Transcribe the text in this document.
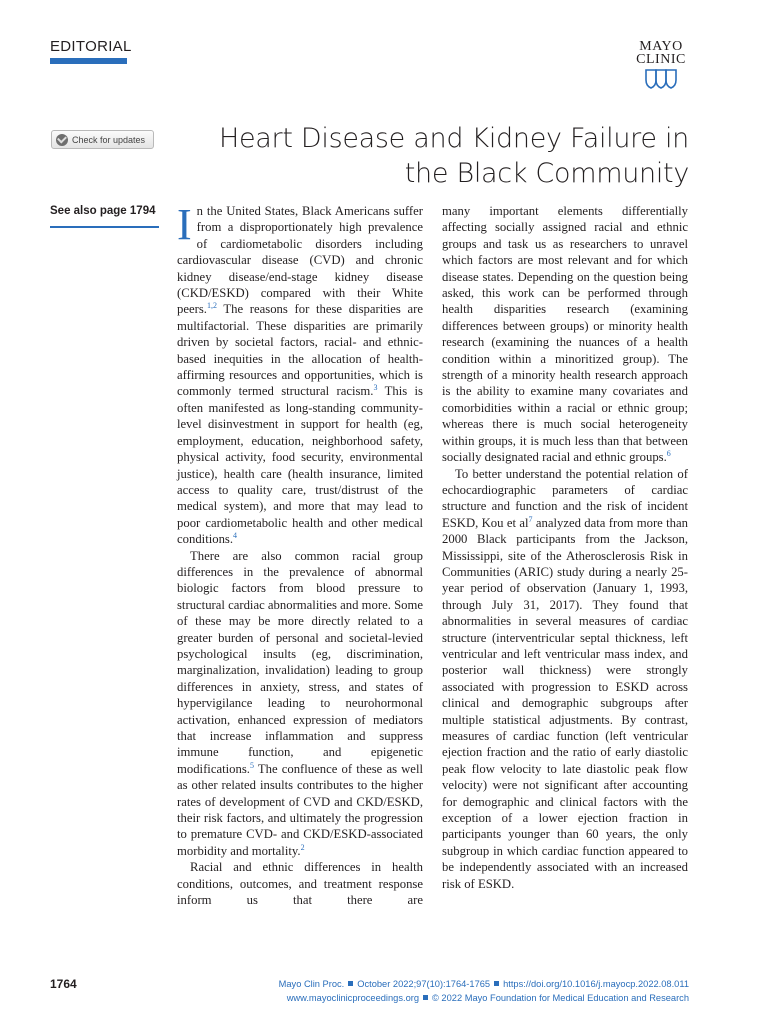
EDITORIAL	MAYO
CLINIC
Check for updates	Heart Disease and Kidney Failure in the Black Community
See also page 1794 In the United States, Black Americans suffer from a disproportionately high prevalence of cardiometabolic disorders including cardiovascular disease (CVD) and chronic kidney disease/end-stage kidney disease (CKD/ESKD) compared with their White peers.$^{1,2}$ The reasons for these disparities are multifactorial. These disparities are primarily driven by societal factors, racial- and ethnic-based inequities in the allocation of health-affirming resources and opportunities, which is commonly termed structural racism.$^3$ This is often manifested as long-standing community-level disinvestment in support for health (eg, employment, education, neighborhood safety, physical activity, food security, environmental justice), health care (health insurance, limited access to quality care, trust/distrust of the medical system), and more that may lead to poor cardiometabolic health and other medical conditions.$^4$

There are also common racial group differences in the prevalence of abnormal biologic factors from blood pressure to structural cardiac abnormalities and more. Some of these may be more directly related to a greater burden of personal and societal-levied psychological insults (eg, discrimination, marginalization, invalidation) leading to group differences in anxiety, stress, and states of hypervigilance leading to neurohormonal activation, enhanced expression of mediators that increase inflammation and suppress immune function, and epigenetic modifications.$^5$ The confluence of these as well as other related insults contributes to the higher rates of development of CVD and CKD/ESKD, their risk factors, and ultimately the progression to premature CVD- and CKD/ESKD-associated morbidity and mortality.$^2$

Racial and ethnic differences in health conditions, outcomes, and treatment response inform us that there are

many important elements differentially affecting socially assigned racial and ethnic groups and task us as researchers to unravel which factors are most relevant and for which disease states. Depending on the question being asked, this work can be performed through health disparities research (examining differences between groups) or minority health research (examining the nuances of a health condition within a minoritized group). The strength of a minority health research approach is the ability to examine many covariates and comorbidities within a racial or ethnic group; whereas there is much social heterogeneity within groups, it is much less than that between socially designated racial and ethnic groups.$^6$

To better understand the potential relation of echocardiographic parameters of cardiac structure and function and the risk of incident ESKD, Kou et $al^7$ analyzed data from more than 2000 Black participants from the Jackson, Mississippi, site of the Atherosclerosis Risk in Communities (ARIC) study during a nearly 25-year period of observation (January 1, 1993, through July 31, 2017). They found that abnormalities in several measures of cardiac structure (interventricular septal thickness, left ventricular and left ventricular mass index, and posterior wall thickness) were strongly associated with progression to ESKD across clinical and demographic subgroups after multiple statistical adjustments. By contrast, measures of cardiac function (left ventricular ejection fraction and the ratio of early diastolic peak flow velocity to late diastolic peak flow velocity) were not significant after accounting for demographic and clinical factors with the exception of a lower ejection fraction in participants younger than 60 years, the only subgroup in which cardiac function appeared to be independently associated with an increased risk of ESKD.

1764	Mayo Clin Proc. October 2022;97(10):1764-1765 https://doi.org/10.1016/j.mayocp.2022.08.011
www.mayoclinicproceedings.org © 2022 Mayo Foundation for Medical Education and Research
